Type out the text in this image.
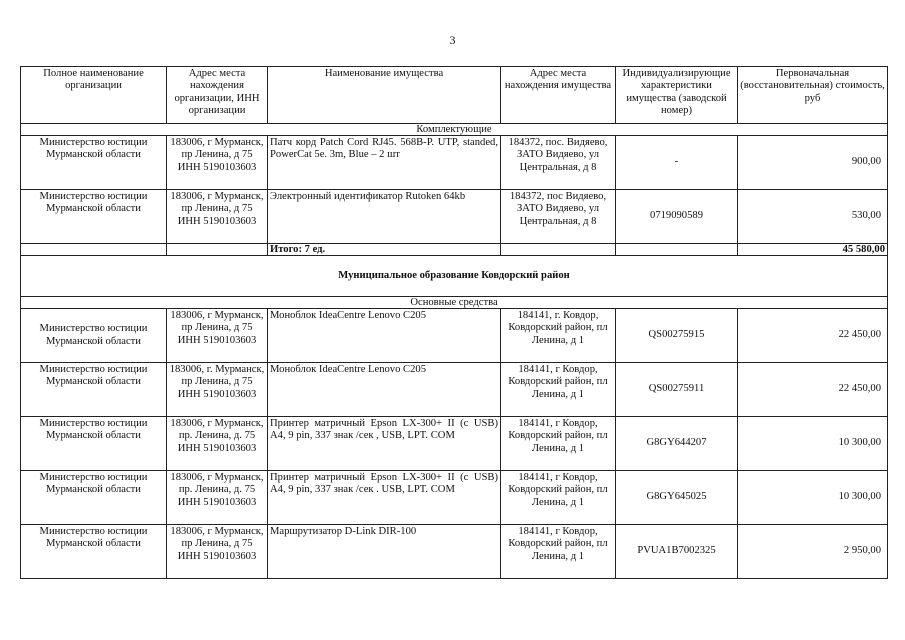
3
Полное наименование организации	Адрес места нахождения организации, ИНН организации	Наименование имущества	Адрес места нахождения имущества	Индивидуализирующие характеристики имущества (заводской номер)	Первоначальная (восстановительная) стоимость, руб
Комплектующие					
Министерство юстиции Мурманской области	183006, г Мурманск, пр Ленина, д 75 ИНН 5190103603	Патч корд Patch Cord RJ45. 568B-P. UTP, standed, PowerCat 5e. 3m, Blue – 2 шт	184372, пос. Видяево, ЗАТО Видяево, ул Центральная, д 8	-	900,00
Министерство юстиции Мурманской области	183006, г Мурманск, пр Ленина, д 75 ИНН 5190103603	Электронный идентификатор Rutoken 64kb	184372, пос Видяево, ЗАТО Видяево, ул Центральная, д 8	0719090589	530,00
		Итого: 7 ед.			45 580,00
Муниципальное образование Ковдорский район					
Основные средства					
Министерство юстиции Мурманской области	183006, г Мурманск, пр Ленина, д 75 ИНН 5190103603	Моноблок IdeaCentre Lenovo C205	184141, г. Ковдор, Ковдорский район, пл Ленина, д 1	QS00275915	22 450,00
Министерство юстиции Мурманской области	183006, г. Мурманск, пр Ленина, д 75 ИНН 5190103603	Моноблок IdeaCentre Lenovo C205	184141, г Ковдор, Ковдорский район, пл Ленина, д 1	QS00275911	22 450,00
Министерство юстиции Мурманской области	183006, г Мурманск, пр. Ленина, д. 75 ИНН 5190103603	Принтер матричный Epson LX-300+ II (с USB) A4, 9 pin, 337 знак /сек , USB, LPT. COM	184141, г Ковдор, Ковдорский район, пл Ленина, д 1	G8GY644207	10 300,00
Министерство юстиции Мурманской области	183006, г Мурманск, пр. Ленина, д. 75 ИНН 5190103603	Принтер матричный Epson LX-300+ II (с USB) A4, 9 pin, 337 знак /сек . USB, LPT. COM	184141, г Ковдор, Ковдорский район, пл Ленина, д 1	G8GY645025	10 300,00
Министерство юстиции Мурманской области	183006, г Мурманск, пр Ленина, д 75 ИНН 5190103603	Маршрутизатор D-Link DIR-100	184141, г Ковдор, Ковдорский район, пл Ленина, д 1	PVUA1B7002325	2 950,00
